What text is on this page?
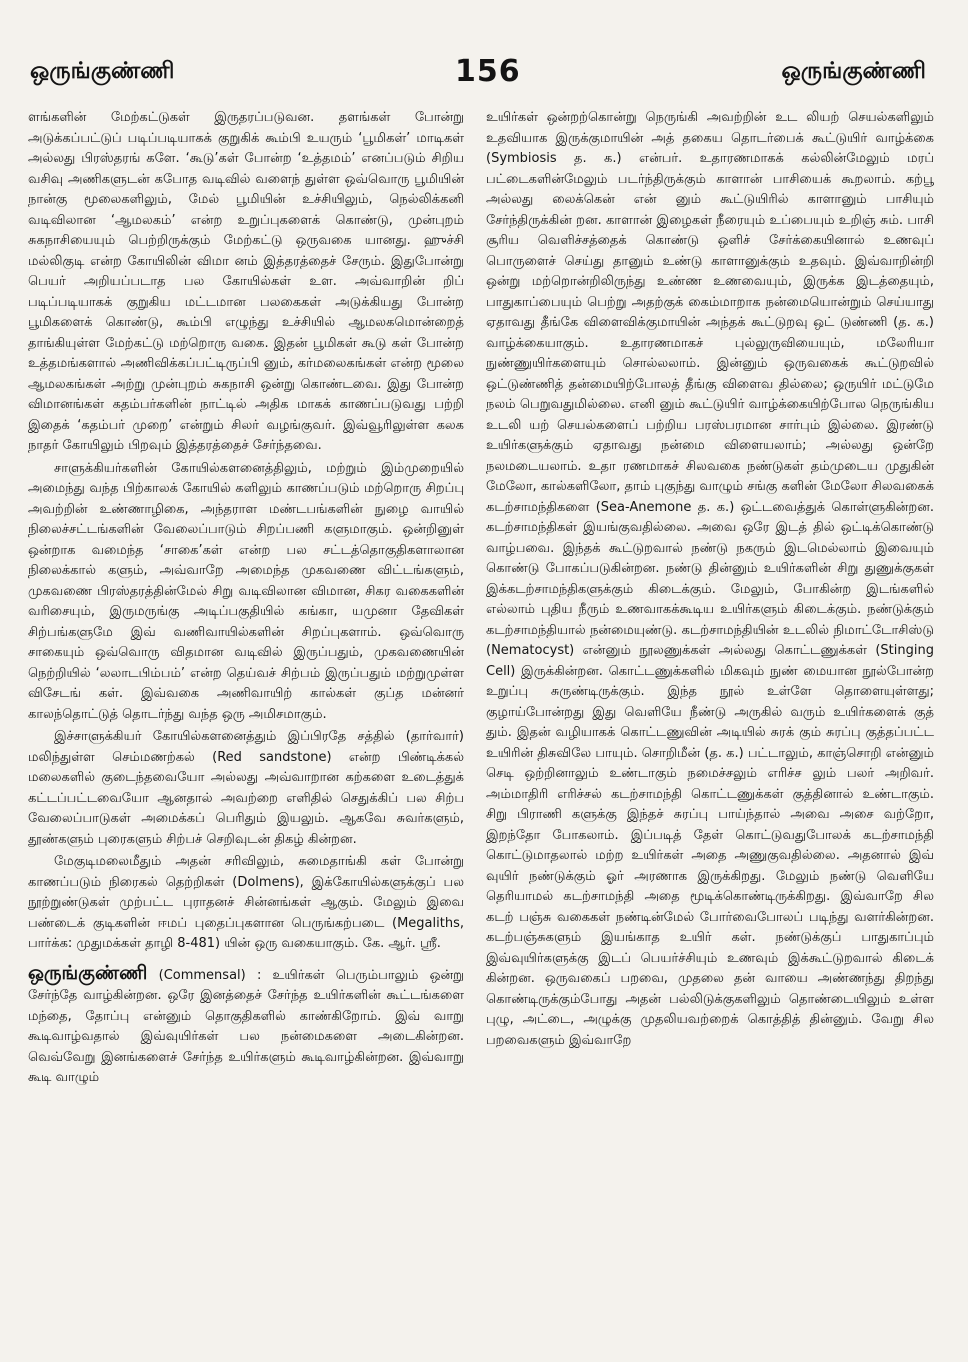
ஒருங்குண்ணி	156	ஒருங்குண்ணி

ளங்களின் மேற்கட்டுகள் இருதரப்படுவன. தளங்கள் போன்று அடுக்கப்பட்டுப் படிப்படியாகக் குறுகிக் கூம்பி உயரும் ‘பூமிகள்’ மாடிகள் அல்லது பிரஸ்தரங் களே. ‘கூடு’கள் போன்ற ‘உத்தமம்’ எனப்படும் சிறிய வசிவு அணிகளுடன் கபோத வடிவில் வளைந் துள்ள ஒவ்வொரு பூமியின் நான்கு மூலைகளிலும், மேல் பூமியின் உச்சியிலும், நெல்லிக்கனி வடிவிலான ‘ஆமலகம்’ என்ற உறுப்புகளைக் கொண்டு, முன்புறம் சுகநாசியையும் பெற்றிருக்கும் மேற்கட்டு ஒருவகை யானது. ஹுச்சி மல்லிகுடி என்ற கோயிலின் விமா னம் இத்தரத்தைச் சேரும். இதுபோன்று பெயர் அறியப்படாத பல கோயில்கள் உள. அவ்வாறின் றிப் படிப்படியாகக் குறுகிய மட்டமான பலகைகள் அடுக்கியது போன்ற பூமிகளைக் கொண்டு, கூம்பி எழுந்து உச்சியில் ஆமலகமொன்றைத் தாங்கியுள்ள மேற்கட்டு மற்றொரு வகை. இதன் பூமிகள் கூடு கள் போன்ற உத்தமங்களால் அணிவிக்கப்பட்டிருப்பி னும், கர்மலைகங்கள் என்ற மூலை ஆமலகங்கள் அற்று முன்புறம் சுகநாசி ஒன்று கொண்டவை. இது போன்ற விமானங்கள் கதம்பர்களின் நாட்டில் அதிக மாகக் காணப்படுவது பற்றி இதைக் ‘கதம்பர் முறை’ என்றும் சிலர் வழங்குவர். இவ்வூரிலுள்ள கலக நாதர் கோயிலும் பிறவும் இத்தரத்தைச் சேர்ந்தவை.

சாளுக்கியர்களின் கோயில்களனைத்திலும், மற்றும் இம்முறையில் அமைந்து வந்த பிற்காலக் கோயில் களிலும் காணப்படும் மற்றொரு சிறப்பு அவற்றின் உண்ணாழிகை, அந்தராள மண்டபங்களின் நுழை வாயில் நிலைச்சட்டங்களின் வேலைப்பாடும் சிறப்பணி களுமாகும். ஒன்றினுள் ஒன்றாக வமைந்த ‘சாகை’கள் என்ற பல சட்டத்தொகுதிகளாலான நிலைக்கால் களும், அவ்வாறே அமைந்த முகவணை விட்டங்களும், முகவணை பிரஸ்தரத்தின்மேல் சிறு வடிவிலான விமான, சிகர வகைகளின் வரிசையும், இருமருங்கு அடிப்பகுதியில் கங்கா, யமுனா தேவிகள் சிற்பங்களுமே இவ் வணிவாயில்களின் சிறப்புகளாம். ஒவ்வொரு சாகையும் ஒவ்வொரு விதமான வடிவில் இருப்பதும், முகவணையின் நெற்றியில் ‘லலாடபிம்பம்’ என்ற தெய்வச் சிற்பம் இருப்பதும் மற்றுமுள்ள விசேடங் கள். இவ்வகை அணிவாயிற் கால்கள் குப்த மன்னர் காலந்தொட்டுத் தொடர்ந்து வந்த ஒரு அமிசமாகும்.

இச்சாளுக்கியர் கோயில்களனைத்தும் இப்பிரதே சத்தில் (தார்வார்) மலிந்துள்ள செம்மணற்கல் (Red sandstone) என்ற பிண்டிக்கல் மலைகளில் குடைந்தவையோ அல்லது அவ்வாறான கற்களை உடைத்துக் கட்டப்பட்டவையோ ஆனதால் அவற்றை எளிதில் செதுக்கிப் பல சிற்ப வேலைப்பாடுகள் அமைக்கப் பெரிதும் இயலும். ஆகவே சுவர்களும், தூண்களும் புரைகளும் சிற்பச் செறிவுடன் திகழ் கின்றன.

மேகுடிமலைமீதும் அதன் சரிவிலும், சுமைதாங்கி கள் போன்று காணப்படும் நிரைகல் தெற்றிகள் (Dolmens), இக்கோயில்களுக்குப் பல நூற்றுண்டுகள் முற்பட்ட புராதனச் சின்னங்கள் ஆகும். மேலும் இவை பண்டைக் குடிகளின் ஈமப் புதைப்புகளான பெருங்கற்படை (Megaliths, பார்க்க: முதுமக்கள் தாழி 8-481) யின் ஒரு வகையாகும். கே. ஆர். ஸ்ரீ.

ஒருங்குண்ணி (Commensal) : உயிர்கள் பெரும்பாலும் ஒன்று சேர்ந்தே வாழ்கின்றன. ஒரே இனத்தைச் சேர்ந்த உயிர்களின் கூட்டங்களை மந்தை, தோப்பு என்னும் தொகுதிகளில் காண்கிறோம். இவ் வாறு கூடிவாழ்வதால் இவ்வுயிர்கள் பல நன்மைகளை அடைகின்றன. வெவ்வேறு இனங்களைச் சேர்ந்த உயிர்களும் கூடிவாழ்கின்றன. இவ்வாறு கூடி வாழும்

உயிர்கள் ஒன்றற்கொன்று நெருங்கி அவற்றின் உட லியற் செயல்களிலும் உதவியாக இருக்குமாயின் அத் தகைய தொடர்பைக் கூட்டுயிர் வாழ்க்கை (Symbiosis த. க.) என்பர். உதாரணமாகக் கல்லின்மேலும் மரப் பட்டைகளின்மேலும் படர்ந்திருக்கும் காளான் பாசியைக் கூறலாம். கற்பூ அல்லது லைக்கென் என் னும் கூட்டுயிரில் காளானும் பாசியும் சேர்ந்திருக்கின் றன. காளான் இழைகள் நீரையும் உப்பையும் உறிஞ் சும். பாசி சூரிய வெளிச்சத்தைக் கொண்டு ஒளிச் சேர்க்கையினால் உணவுப் பொருளைச் செய்து தானும் உண்டு காளானுக்கும் உதவும். இவ்வாறின்றி ஒன்று மற்றொன்றிலிருந்து உண்ண உணவையும், இருக்க இடத்தையும், பாதுகாப்பையும் பெற்று அதற்குக் கைம்மாறாக நன்மையொன்றும் செய்யாது ஏதாவது தீங்கே விளைவிக்குமாயின் அந்தக் கூட்டுறவு ஒட் டுண்ணி (த. க.) வாழ்க்கையாகும். உதாரணமாகச் புல்லுருவியையும், மலேரியா நுண்ணுயிர்களையும் சொல்லலாம். இன்னும் ஒருவகைக் கூட்டுறவில் ஒட்டுண்ணித் தன்மையிற்போலத் தீங்கு விளைவ தில்லை; ஒருயிர் மட்டுமே நலம் பெறுவதுமில்லை. எனி னும் கூட்டுயிர் வாழ்க்கையிற்போல நெருங்கிய உடலி யற் செயல்களைப் பற்றிய பரஸ்பரமான சார்பும் இல்லை. இரண்டு உயிர்களுக்கும் ஏதாவது நன்மை விளையலாம்; அல்லது ஒன்றே நலமடையலாம். உதா ரணமாகச் சிலவகை நண்டுகள் தம்முடைய முதுகின் மேலோ, கால்களிலோ, தாம் புகுந்து வாழும் சங்கு களின் மேலோ சிலவகைக் கடற்சாமந்திகளை (Sea-Anemone த. க.) ஒட்டவைத்துக் கொள்ளுகின்றன. கடற்சாமந்திகள் இயங்குவதில்லை. அவை ஒரே இடத் தில் ஒட்டிக்கொண்டு வாழ்பவை. இந்தக் கூட்டுறவால் நண்டு நகரும் இடமெல்லாம் இவையும் கொண்டு போகப்படுகின்றன. நண்டு தின்னும் உயிர்களின் சிறு துணுக்குகள் இக்கடற்சாமந்திகளுக்கும் கிடைக்கும். மேலும், போகின்ற இடங்களில் எல்லாம் புதிய நீரும் உணவாகக்கூடிய உயிர்களும் கிடைக்கும். நண்டுக்கும் கடற்சாமந்தியால் நன்மையுண்டு. கடற்சாமந்தியின் உடலில் நிமாட்டோசிஸ்டு (Nematocyst) என்னும் நூலணுக்கள் அல்லது கொட்டணுக்கள் (Stinging Cell) இருக்கின்றன. கொட்டணுக்களில் மிகவும் நுண் மையான நூல்போன்ற உறுப்பு சுருண்டிருக்கும். இந்த நூல் உள்ளே தொளையுள்ளது; குழாய்போன்றது இது வெளியே நீண்டு அருகில் வரும் உயிர்களைக் குத் தும். இதன் வழியாகக் கொட்டணுவின் அடியில் சுரக் கும் சுரப்பு குத்தப்பட்ட உயிரின் திசுவிலே பாயும். சொறிமீன் (த. க.) பட்டாலும், காஞ்சொறி என்னும் செடி ஒற்றினாலும் உண்டாகும் நமைச்சலும் எரிச்ச லும் பலர் அறிவர். அம்மாதிரி எரிச்சல் கடற்சாமந்தி கொட்டணுக்கள் குத்தினால் உண்டாகும். சிறு பிராணி களுக்கு இந்தச் சுரப்பு பாய்ந்தால் அவை அசை வற்றோ, இறந்தோ போகலாம். இப்படித் தேள் கொட்டுவதுபோலக் கடற்சாமந்தி கொட்டுமாதலால் மற்ற உயிர்கள் அதை அணுகுவதில்லை. அதனால் இவ் வுயிர் நண்டுக்கும் ஓர் அரணாக இருக்கிறது. மேலும் நண்டு வெளியே தெரியாமல் கடற்சாமந்தி அதை மூடிக்கொண்டிருக்கிறது. இவ்வாறே சில கடற் பஞ்சு வகைகள் நண்டின்மேல் போர்வைபோலப் படிந்து வளர்கின்றன. கடற்பஞ்சுகளும் இயங்காத உயிர் கள். நண்டுக்குப் பாதுகாப்பும் இவ்வுயிர்களுக்கு இடப் பெயர்ச்சியும் உணவும் இக்கூட்டுறவால் கிடைக் கின்றன. ஒருவகைப் பறவை, முதலை தன் வாயை அண்ணந்து திறந்து கொண்டிருக்கும்போது அதன் பல்லிடுக்குகளிலும் தொண்டையிலும் உள்ள புழு, அட்டை, அழுக்கு முதலியவற்றைக் கொத்தித் தின்னும். வேறு சில பறவைகளும் இவ்வாறே
